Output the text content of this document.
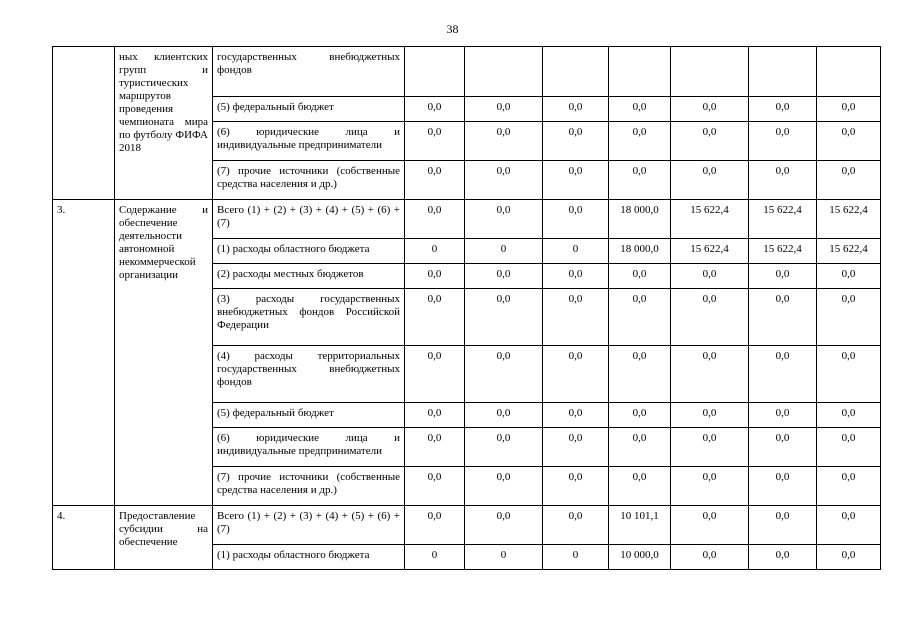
38
	ных клиентских групп и туристических маршрутов проведения чемпионата мира по футболу ФИФА 2018	государственных внебюджетных фондов							
		(5) федеральный бюджет	0,0	0,0	0,0	0,0	0,0	0,0	0,0
		(6) юридические лица и индивидуальные предприниматели	0,0	0,0	0,0	0,0	0,0	0,0	0,0
		(7) прочие источники (собственные средства населения и др.)	0,0	0,0	0,0	0,0	0,0	0,0	0,0
3.	Содержание и обеспечение деятельности автономной некоммерческой организации	Всего (1) + (2) + (3) + (4) + (5) + (6) + (7)	0,0	0,0	0,0	18 000,0	15 622,4	15 622,4	15 622,4
		(1) расходы областного бюджета	0	0	0	18 000,0	15 622,4	15 622,4	15 622,4
		(2) расходы местных бюджетов	0,0	0,0	0,0	0,0	0,0	0,0	0,0
		(3) расходы государственных внебюджетных фондов Российской Федерации	0,0	0,0	0,0	0,0	0,0	0,0	0,0
		(4) расходы территориальных государственных внебюджетных фондов	0,0	0,0	0,0	0,0	0,0	0,0	0,0
		(5) федеральный бюджет	0,0	0,0	0,0	0,0	0,0	0,0	0,0
		(6) юридические лица и индивидуальные предприниматели	0,0	0,0	0,0	0,0	0,0	0,0	0,0
		(7) прочие источники (собственные средства населения и др.)	0,0	0,0	0,0	0,0	0,0	0,0	0,0
4.	Предоставление субсидии на обеспечение	Всего (1) + (2) + (3) + (4) + (5) + (6) + (7)	0,0	0,0	0,0	10 101,1	0,0	0,0	0,0
		(1) расходы областного бюджета	0	0	0	10 000,0	0,0	0,0	0,0
